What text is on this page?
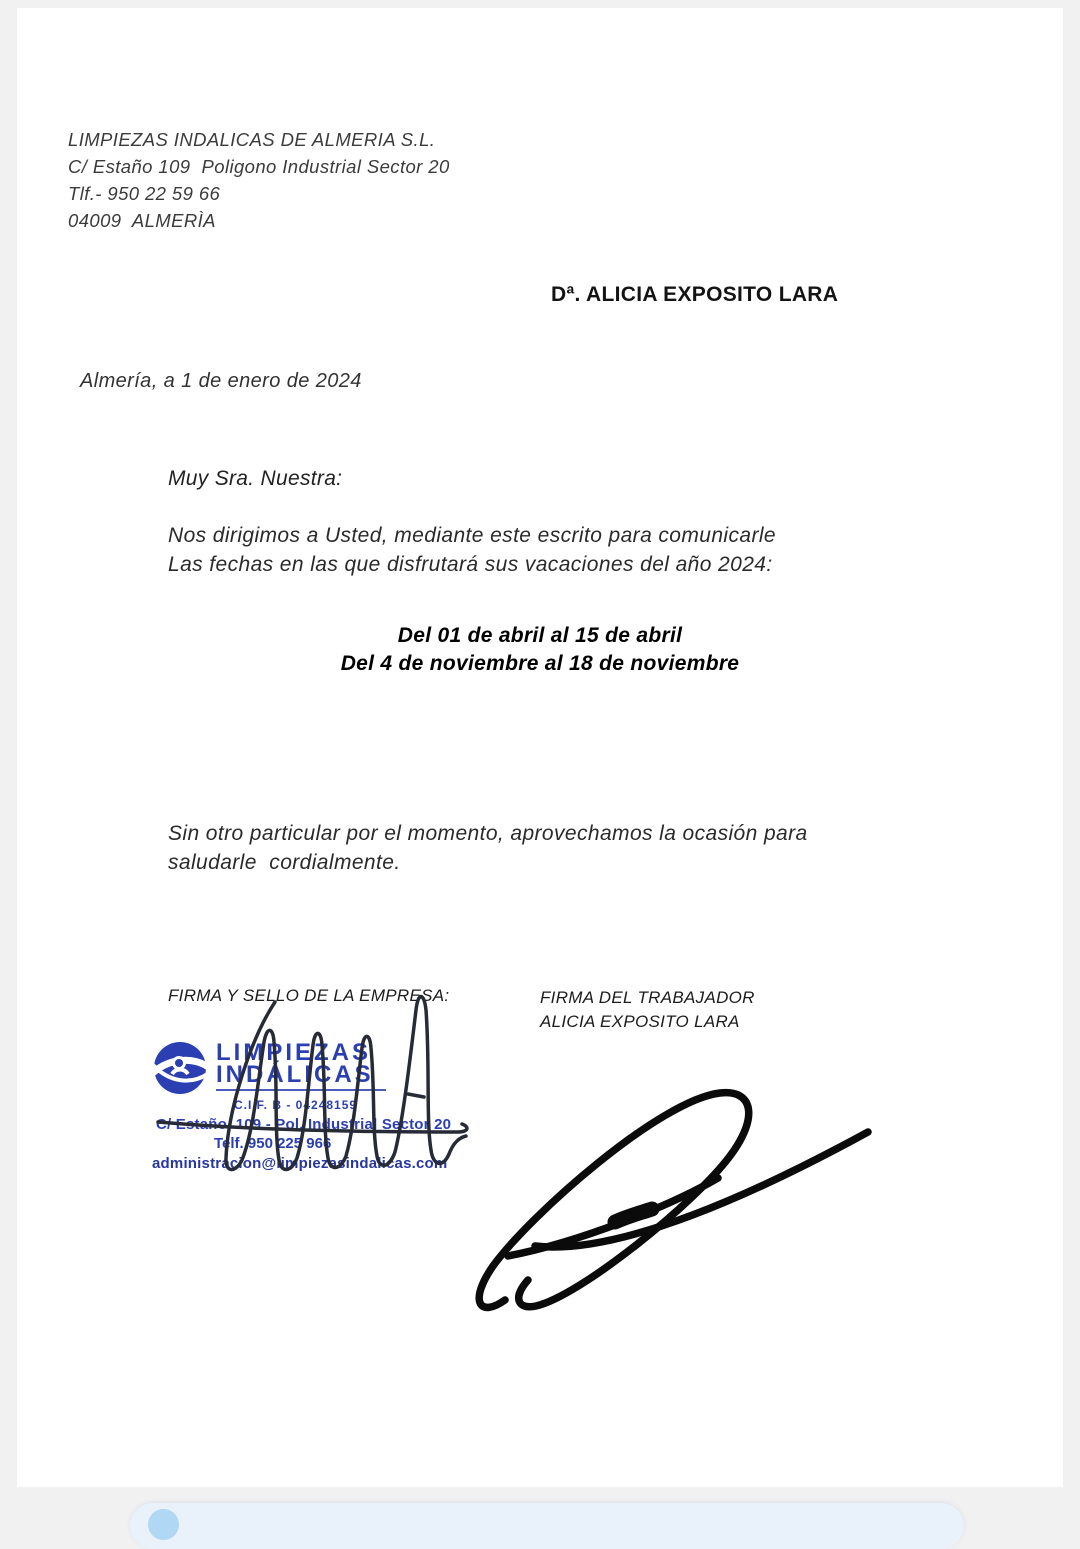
LIMPIEZAS INDALICAS DE ALMERIA S.L.
C/ Estaño 109  Poligono Industrial Sector 20
Tlf.- 950 22 59 66
04009  ALMERÌA
Dª. ALICIA EXPOSITO LARA
Almería, a 1 de enero de 2024
Muy Sra. Nuestra:
Nos dirigimos a Usted, mediante este escrito para comunicarle
Las fechas en las que disfrutará sus vacaciones del año 2024:
Del 01 de abril al 15 de abril
Del 4 de noviembre al 18 de noviembre
Sin otro particular por el momento, aprovechamos la ocasión para
saludarle  cordialmente.
FIRMA Y SELLO DE LA EMPRESA:	FIRMA DEL TRABAJADOR
ALICIA EXPOSITO LARA
LIMPIEZAS
INDÁLICAS
C.I.F. B - 04248159
C/ Estaño, 109 - Pol. Industrial Sector 20
Telf. 950 225 966
administracion@limpiezasindalicas.com
